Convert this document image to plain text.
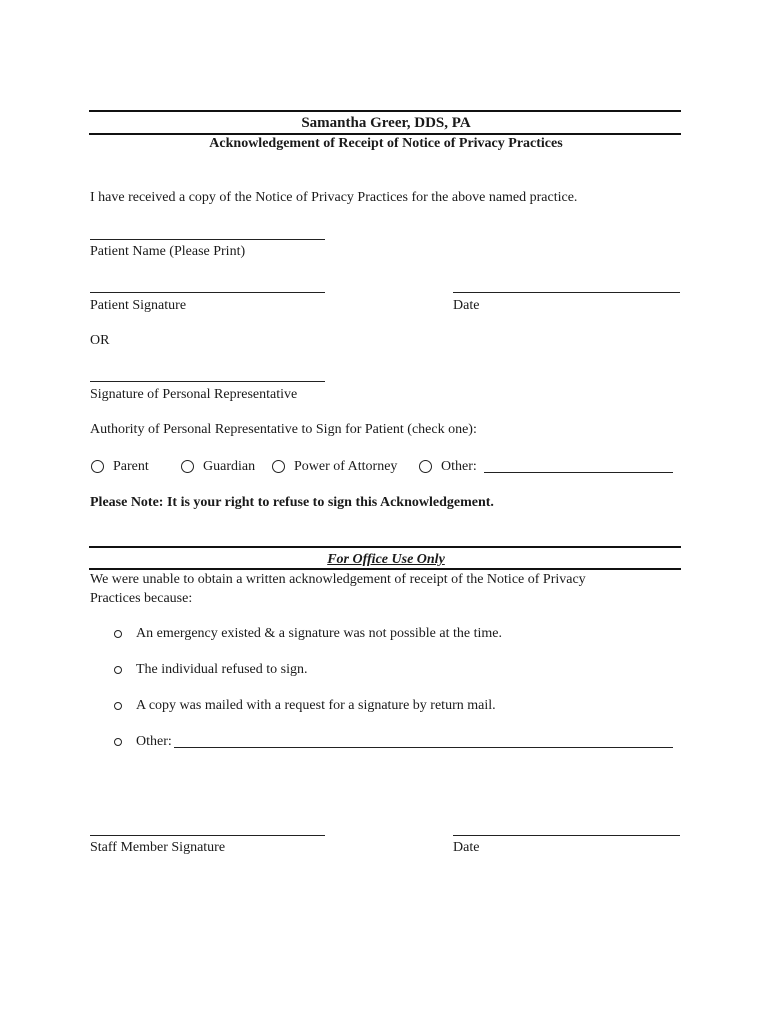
Samantha Greer, DDS, PA
Acknowledgement of Receipt of Notice of Privacy Practices
I have received a copy of the Notice of Privacy Practices for the above named practice.
Patient Name (Please Print)
Patient Signature	Date
OR
Signature of Personal Representative
Authority of Personal Representative to Sign for Patient (check one):
Parent	Guardian	Power of Attorney	Other:
Please Note: It is your right to refuse to sign this Acknowledgement.
For Office Use Only
We were unable to obtain a written acknowledgement of receipt of the Notice of Privacy
Practices because:
An emergency existed & a signature was not possible at the time.
The individual refused to sign.
A copy was mailed with a request for a signature by return mail.
Other:
Staff Member Signature	Date
